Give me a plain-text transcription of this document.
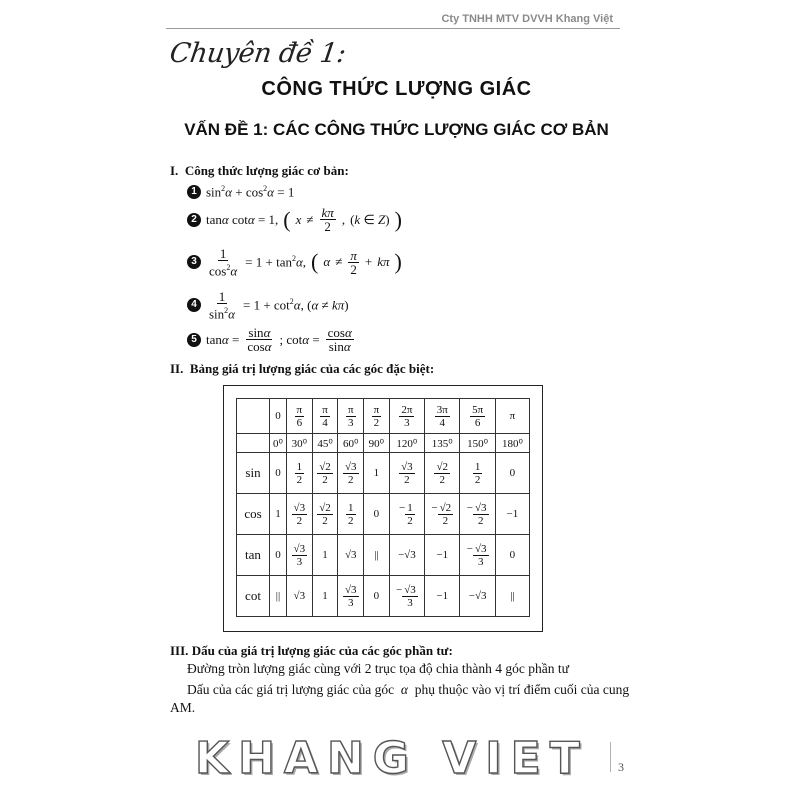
Cty TNHH MTV DVVH Khang Việt
Chuyên đề 1:
CÔNG THỨC LƯỢNG GIÁC
VẤN ĐỀ 1: CÁC CÔNG THỨC LƯỢNG GIÁC CƠ BẢN
I. Công thức lượng giác cơ bản:
1 $\sin^2\alpha + \cos^2\alpha = 1$
2 tanα cotα = 1, ( $x \ne \frac{k\pi}{2}$ , (k ∈ Z) )
$3 \frac{1}{\cos^2\alpha} = 1 + \tan^2\alpha$, ( $\alpha \ne \frac{\pi}{2} + k\pi$ )
$4 \frac{1}{\sin^2\alpha} = 1 + \cot^2\alpha$, (α ≠ kπ)
5 $\tan\alpha = \frac{\sin\alpha}{\cos\alpha}$ ; $\cot\alpha = \frac{\cos\alpha}{\sin\alpha}$
II. Bảng giá trị lượng giác của các góc đặc biệt:
	0	$\frac{\pi}{6}$	$\frac{\pi}{4}$	$\frac{\pi}{3}$	$\frac{\pi}{2}$	$\frac{2\pi}{3}$	$\frac{3\pi}{4}$	$\frac{5\pi}{6}$	π
	0⁰	30⁰	45⁰	60⁰	90⁰	120⁰	135⁰	150⁰	180⁰
sin	0	$\frac{1}{2}$	$\frac{√2}{2}$	$\frac{√3}{2}$	1	$\frac{√3}{2}$	$\frac{√2}{2}$	$\frac{1}{2}$	0
cos	1	$\frac{√3}{2}$	$\frac{√2}{2}$	$\frac{1}{2}$	0	− $\frac{1}{2}$	− $\frac{√2}{2}$	− $\frac{√3}{2}$	−1
tan	0	$\frac{√3}{3}$	1	√3	||	−√3	−1	− $\frac{√3}{3}$	0
cot	||	√3	1	$\frac{√3}{3}$	0	− $\frac{√3}{3}$	−1	−√3	||
III. Dấu của giá trị lượng giác của các góc phần tư:
Đường tròn lượng giác cùng với 2 trục tọa độ chia thành 4 góc phần tư
Dấu của các giá trị lượng giác của góc α phụ thuộc vào vị trí điểm cuối của cung
AM.
KHANG VIET 3
